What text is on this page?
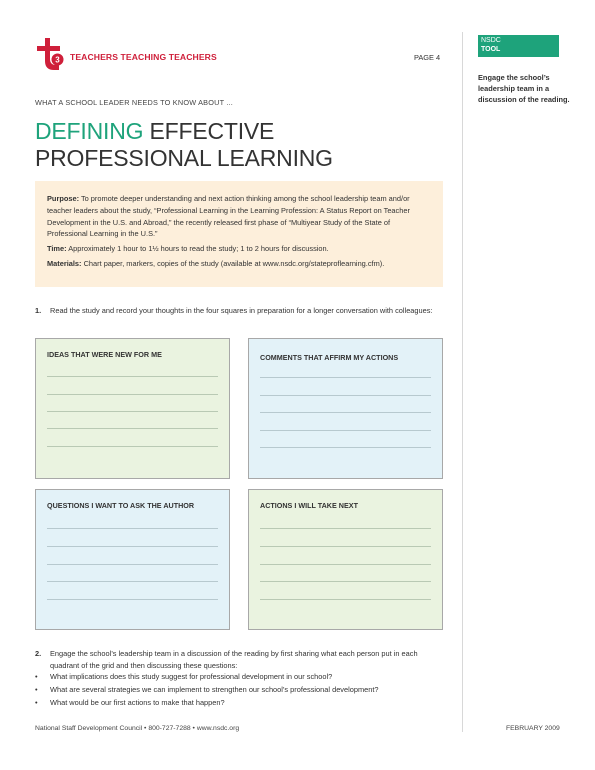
3 TEACHERS TEACHING TEACHERS	PAGE 4
NSDC
TOOL
Engage the school’s leadership team in a discussion of the reading.
WHAT A SCHOOL LEADER NEEDS TO KNOW ABOUT ...
DEFINING EFFECTIVE
PROFESSIONAL LEARNING

Purpose: To promote deeper understanding and next action thinking among the school leadership team and/or teacher leaders about the study, “Professional Learning in the Learning Profession: A Status Report on Teacher Development in the U.S. and Abroad,” the recently released first phase of “Multiyear Study of the State of Professional Learning in the U.S.”

Time: Approximately 1 hour to 1½ hours to read the study; 1 to 2 hours for discussion.

Materials: Chart paper, markers, copies of the study (available at www.nsdc.org/stateproflearning.cfm).

1. Read the study and record your thoughts in the four squares in preparation for a longer conversation with colleagues:
IDEAS THAT WERE NEW FOR ME	COMMENTS THAT AFFIRM MY ACTIONS
QUESTIONS I WANT TO ASK THE AUTHOR	ACTIONS I WILL TAKE NEXT
2. Engage the school’s leadership team in a discussion of the reading by first sharing what each person put in each quadrant of the grid and then discussing these questions:
• What implications does this study suggest for professional development in our school?
• What are several strategies we can implement to strengthen our school’s professional development?
• What would be our first actions to make that happen?
National Staff Development Council • 800-727-7288 • www.nsdc.org	FEBRUARY 2009
